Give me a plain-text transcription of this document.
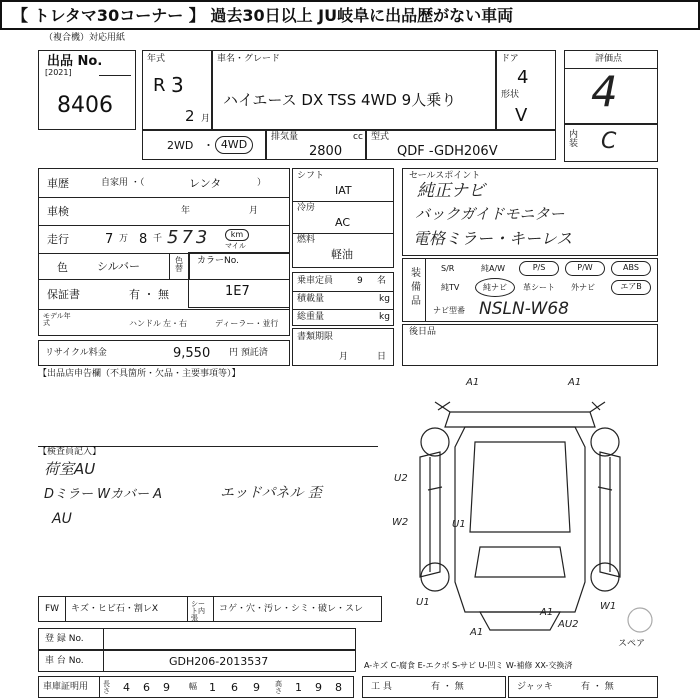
【 トレタマ30コーナー 】 過去30日以上 JU岐阜に出品歴がない車両
（複合機）対応用紙
出品 No.
[2021]
8406
年式
R 3
2 月
車名・グレード
ハイエース DX TSS 4WD 9人乗り
ドア
4
形状
V
評価点
4
内装 C
2WD ・ 4WD
排気量	cc
2800
型式
QDF -GDH206V
車歴	自家用 ・（	レンタ	）
車検	年	月
走行	7 万 8 千 573	km
マイル
色	シルバー	色替
保証書	有 ・ 無
モデル年式	ハンドル 左・右	ディーラー・並行
カラーNo.
1E7
リサイクル料金	9,550 円 預託済
シフト
IAT
冷房
AC
燃料
軽油
乗車定員	9 名
積載量	kg
総重量	kg
書類期限
月	日
セールスポイント
純正ナビ
バックガイドモニター
電格ミラー・キーレス
装備品
S/R	純A/W	P/S	P/W	ABS
純TV	純ナビ	革シート 外ナビ	エアB
ナビ型番 NSLN-W68
後日品
【出品店申告欄（不具箇所・欠品・主要事項等）】
【検査員記入】
荷室AU
Dミラー Wカバー A	エッドパネル 歪
AU
A1	A1
U2
W2	U1
U1	W1
A1
A1
AU2
スペア
FW キズ・ヒビ石・割レX	シート内張
コゲ・穴・汚レ・シミ・破レ・スレ
登 録 No.
車 台 No.	GDH206-2013537	A-キズ C-腐食 E-エクボ S-サビ U-凹ミ W-補修 XX-交換済
車庫証明用 長さ 4 6 9 幅 1 6 9 高さ 1 9 8	工 具	有 ・ 無	ジャッキ	有 ・ 無
